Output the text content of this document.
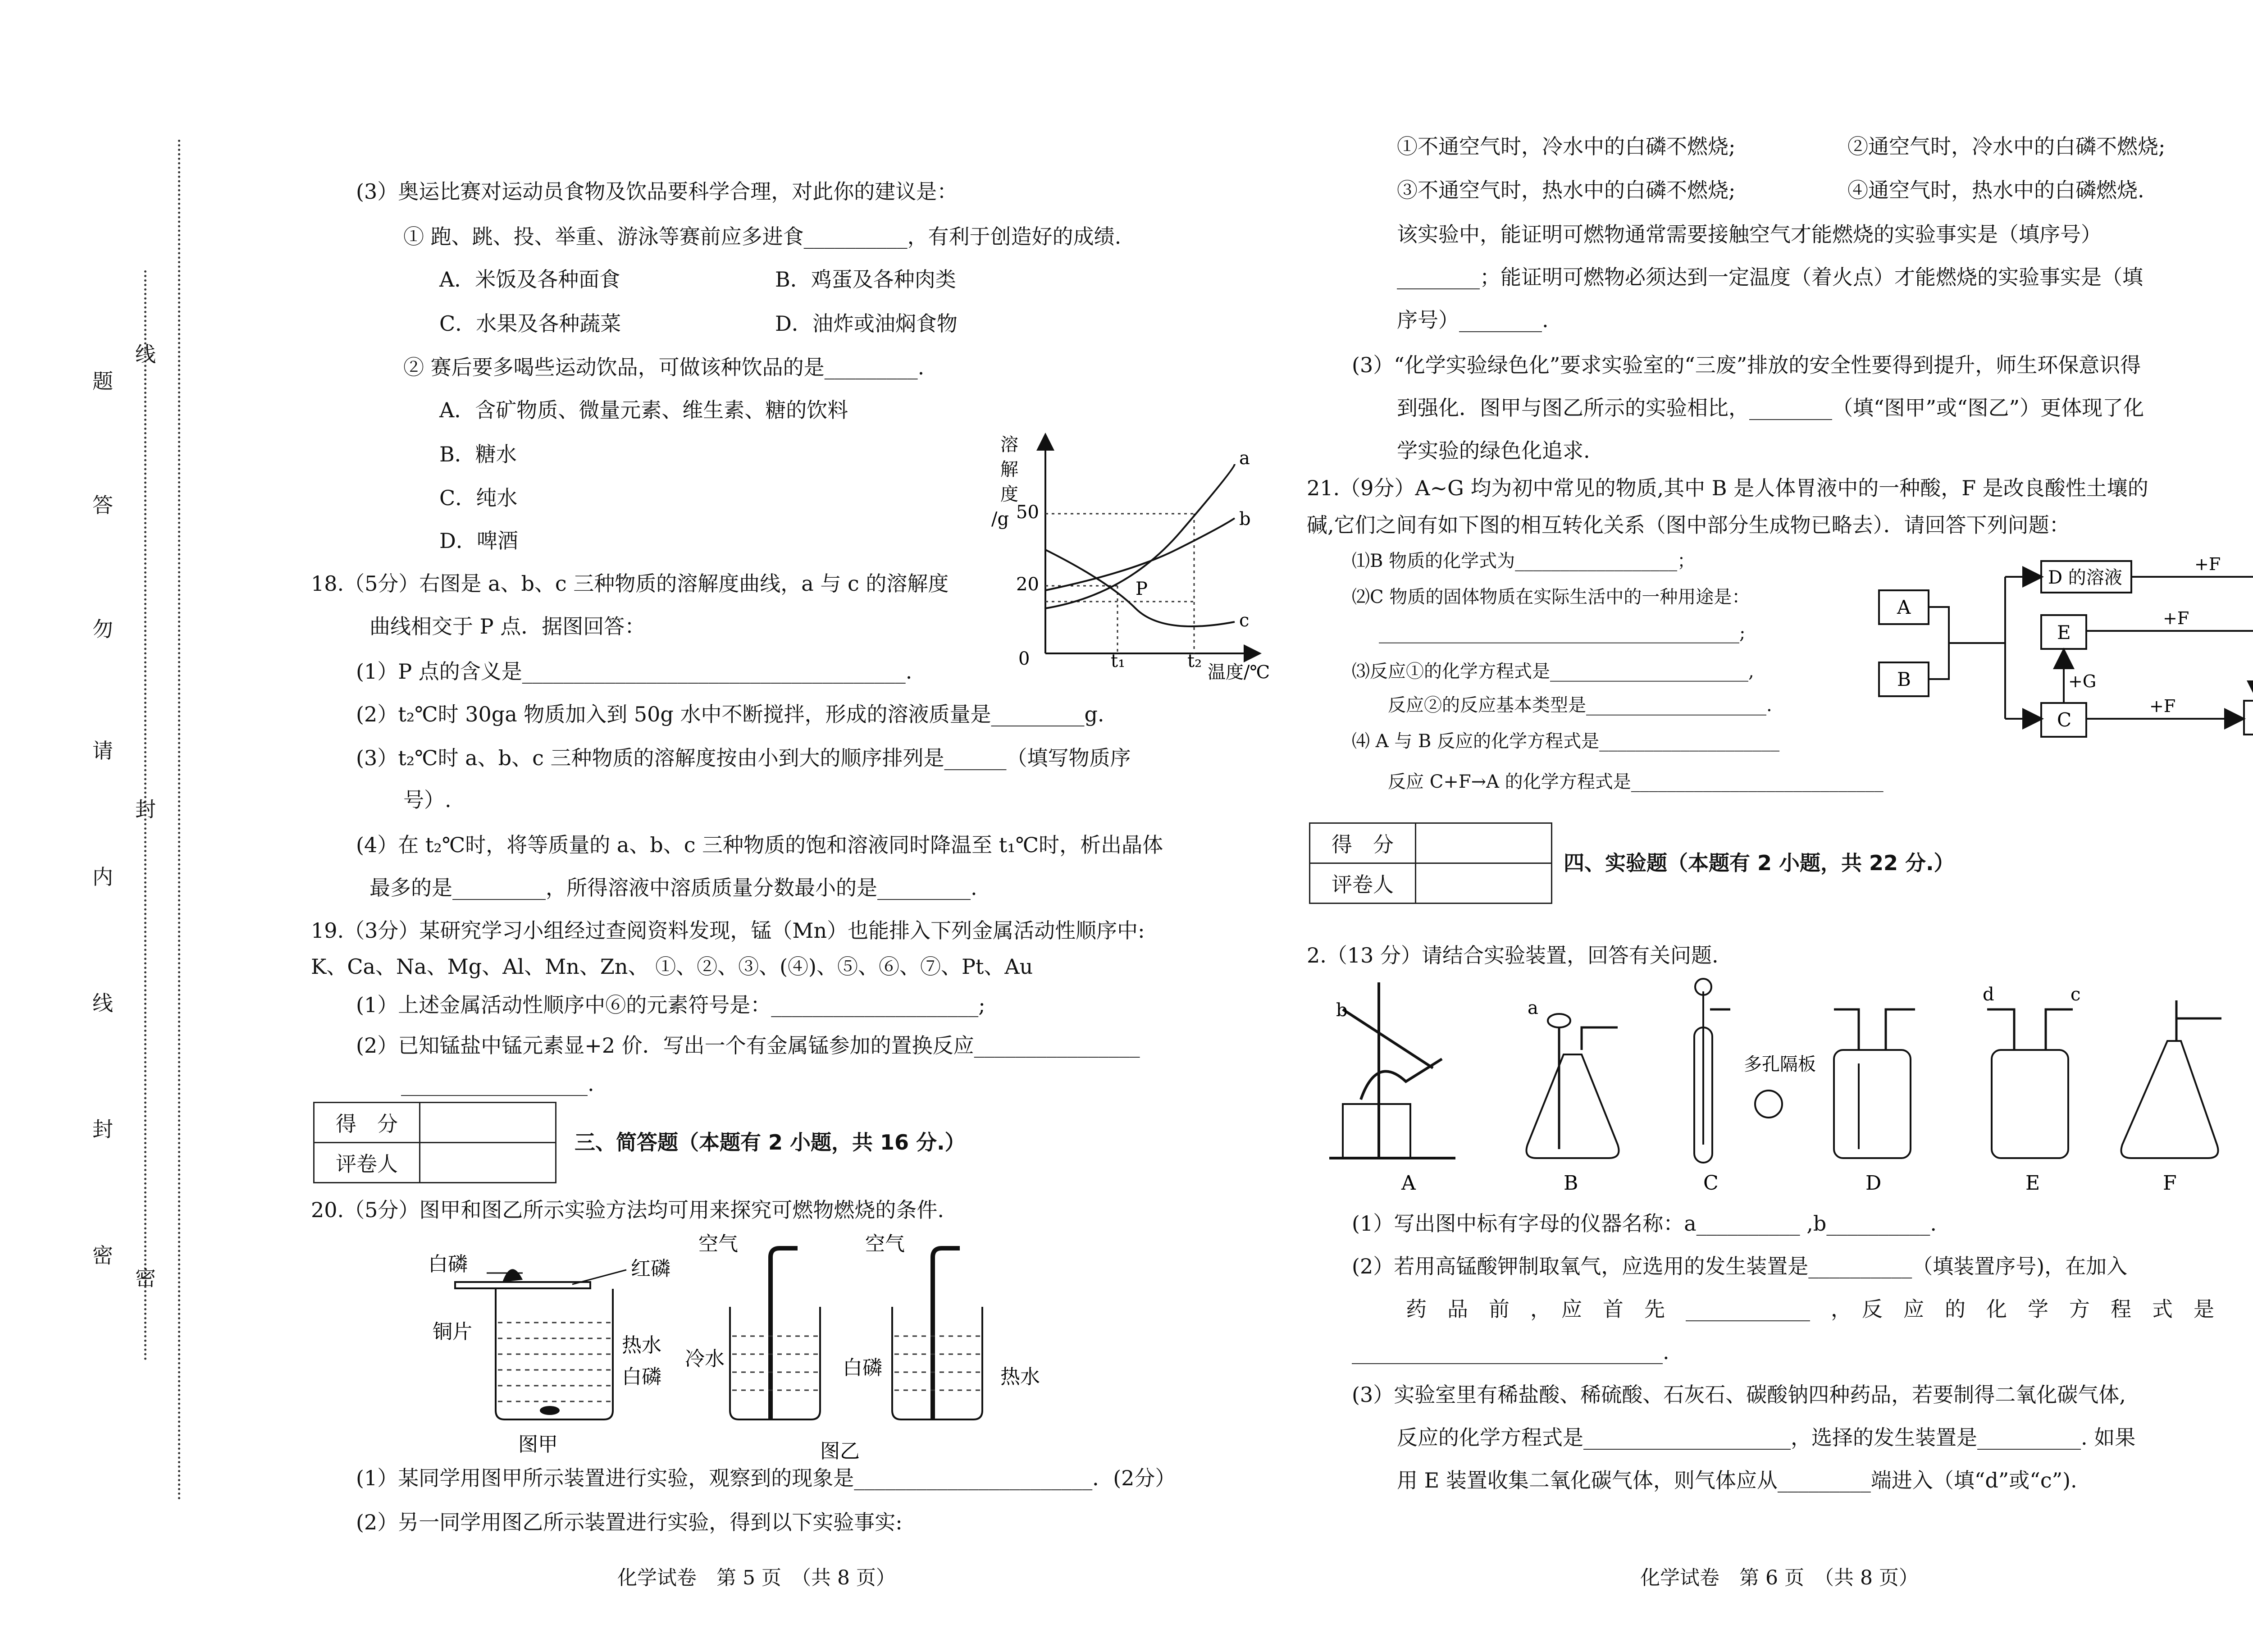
题
答
勿
请
内
线
封
密
线
封
密
(3）奥运比赛对运动员食物及饮品要科学合理，对此你的建议是：
① 跑、跳、投、举重、游泳等赛前应多进食__________，有利于创造好的成绩.
A．米饭及各种面食	B．鸡蛋及各种肉类
C．水果及各种蔬菜	D．油炸或油焖食物
② 赛后要多喝些运动饮品，可做该种饮品的是_________.
A．含矿物质、微量元素、维生素、糖的饮料
B．糖水
C．纯水
D．啤酒
溶
解
度
/g 50
20
0
a
b
c
P
t₁	t₂
温度/℃
18.（5分）右图是 a、b、c 三种物质的溶解度曲线，a 与 c 的溶解度
曲线相交于 P 点．据图回答：
(1）P 点的含义是_____________________________________.
(2）t₂℃时 30ga 物质加入到 50g 水中不断搅拌，形成的溶液质量是_________g.
(3）t₂℃时 a、b、c 三种物质的溶解度按由小到大的顺序排列是______（填写物质序
号）.
(4）在 t₂℃时，将等质量的 a、b、c 三种物质的饱和溶液同时降温至 t₁℃时，析出晶体
最多的是_________，所得溶液中溶质质量分数最小的是_________.
19.（3分）某研究学习小组经过查阅资料发现，锰（Mn）也能排入下列金属活动性顺序中:
K、Ca、Na、Mg、Al、Mn、Zn、 ①、②、③、(④)、⑤、⑥、⑦、Pt、Au
(1）上述金属活动性顺序中⑥的元素符号是：____________________;
(2）已知锰盐中锰元素显+2 价．写出一个有金属锰参加的置换反应________________
__________________.
得　分	
评卷人	
三、简答题（本题有 2 小题，共 16 分.）
20.（5分）图甲和图乙所示实验方法均可用来探究可燃物燃烧的条件.
白磷	红磷
铜片
热水
白磷
图甲
空气
冷水
空气
白磷	热水
图乙
(1）某同学用图甲所示装置进行实验，观察到的现象是_______________________．(2分）
(2）另一同学用图乙所示装置进行实验，得到以下实验事实:
化学试卷　第 5 页　（共 8 页）
①不通空气时，冷水中的白磷不燃烧;	②通空气时，冷水中的白磷不燃烧;
③不通空气时，热水中的白磷不燃烧;	④通空气时，热水中的白磷燃烧.
该实验中，能证明可燃物通常需要接触空气才能燃烧的实验事实是（填序号）
________；能证明可燃物必须达到一定温度（着火点）才能燃烧的实验事实是（填
序号）________.
(3）“化学实验绿色化”要求实验室的“三废”排放的安全性要得到提升，师生环保意识得
到强化．图甲与图乙所示的实验相比，________（填“图甲”或“图乙”）更体现了化
学实验的绿色化追求.
21.（9分）A~G 均为初中常见的物质,其中 B 是人体胃液中的一种酸，F 是改良酸性土壤的
碱,它们之间有如下图的相互转化关系（图中部分生成物已略去）．请回答下列问题：
⑴B 物质的化学式为__________________；
⑵C 物质的固体物质在实际生活中的一种用途是：
________________________________________;
⑶反应①的化学方程式是______________________,
反应②的反应基本类型是____________________.
⑷ A 与 B 反应的化学方程式是____________________
反应 C+F→A 的化学方程式是____________________________
A
B
D 的溶液
E
C
+F
+F
+G
+F
得　分	
评卷人	
四、实验题（本题有 2 小题，共 22 分.）
2.（13 分）请结合实验装置，回答有关问题.
b	a
多孔隔板
d	c
A	B	C	D	E	F
(1）写出图中标有字母的仪器名称：a__________ ,b__________.
(2）若用高锰酸钾制取氧气，应选用的发生装置是__________（填装置序号)，在加入
药　品　前　，　应　首　先　____________　，　反　应　的　化　学　方　程　式　是
______________________________.
(3）实验室里有稀盐酸、稀硫酸、石灰石、碳酸钠四种药品，若要制得二氧化碳气体,
反应的化学方程式是____________________，选择的发生装置是__________. 如果
用 E 装置收集二氧化碳气体，则气体应从_________端进入（填“d”或“c”).
化学试卷　第 6 页　（共 8 页）
